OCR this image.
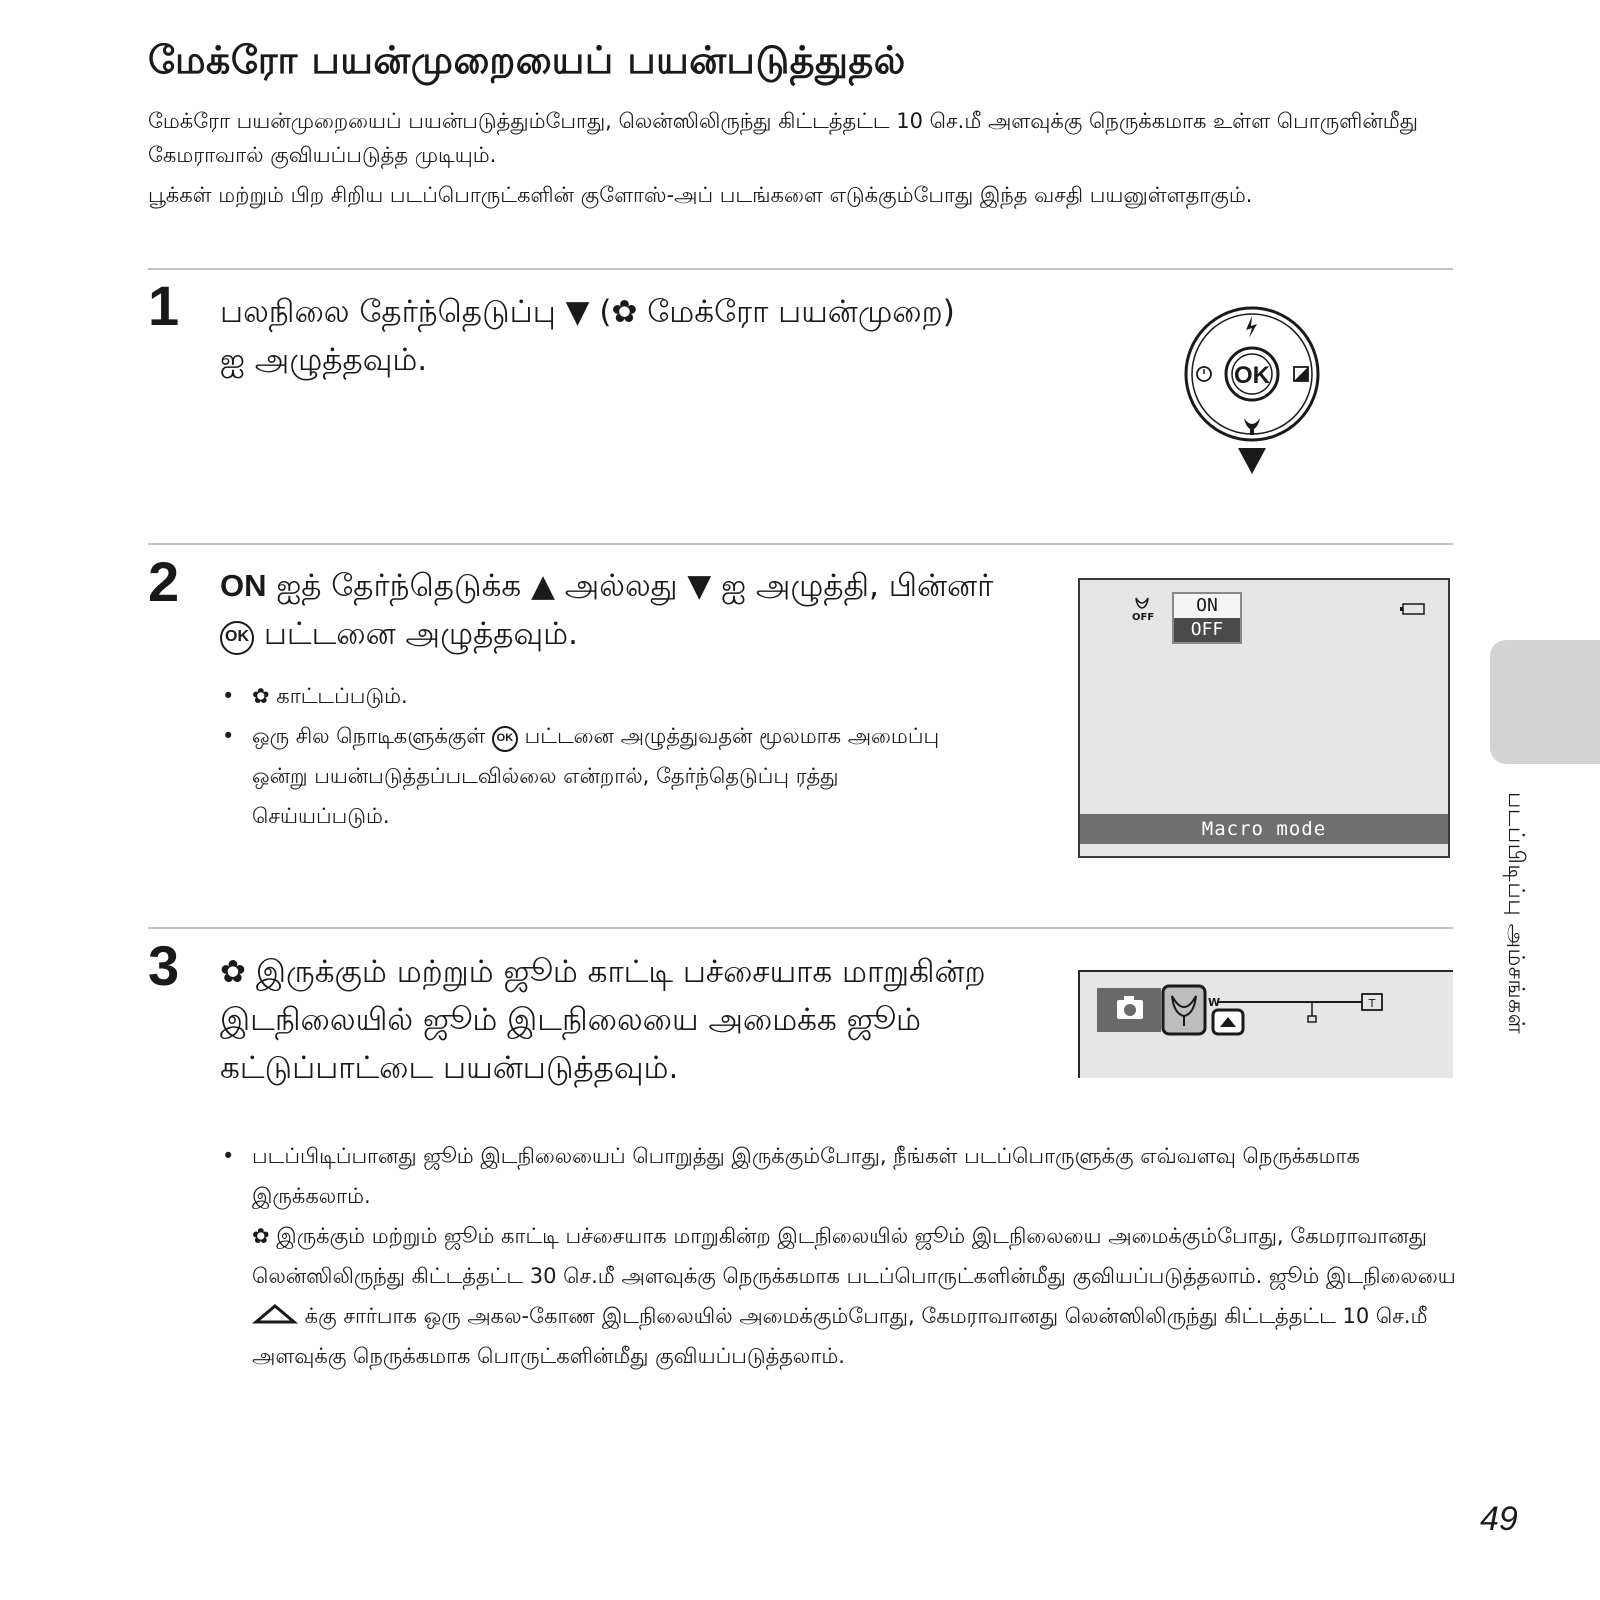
மேக்ரோ பயன்முறையைப் பயன்படுத்துதல்

மேக்ரோ பயன்முறையைப் பயன்படுத்தும்போது, லென்ஸிலிருந்து கிட்டத்தட்ட 10 செ.மீ அளவுக்கு நெருக்கமாக உள்ள பொருளின்மீது கேமராவால் குவியப்படுத்த முடியும்.

பூக்கள் மற்றும் பிற சிறிய படப்பொருட்களின் குளோஸ்-அப் படங்களை எடுக்கும்போது இந்த வசதி பயனுள்ளதாகும்.

1 பலநிலை தேர்ந்தெடுப்பு ▼ (✿ மேக்ரோ பயன்முறை) ஐ அழுத்தவும்.	OK
2 ON ஐத் தேர்ந்தெடுக்க ▲ அல்லது ▼ ஐ அழுத்தி, பின்னர் OK பட்டனை அழுத்தவும்.
• ✿ காட்டப்படும்.
• ஒரு சில நொடிகளுக்குள் OK பட்டனை அழுத்துவதன் மூலமாக அமைப்பு ஒன்று பயன்படுத்தப்படவில்லை என்றால், தேர்ந்தெடுப்பு ரத்து செய்யப்படும்.
OFF
ON
OFF
Macro mode
3 ✿ இருக்கும் மற்றும் ஜூம் காட்டி பச்சையாக மாறுகின்ற இடநிலையில் ஜூம் இடநிலையை அமைக்க ஜூம் கட்டுப்பாட்டை பயன்படுத்தவும்.
W	T
• படப்பிடிப்பானது ஜூம் இடநிலையைப் பொறுத்து இருக்கும்போது, நீங்கள் படப்பொருளுக்கு எவ்வளவு நெருக்கமாக இருக்கலாம்.
✿ இருக்கும் மற்றும் ஜூம் காட்டி பச்சையாக மாறுகின்ற இடநிலையில் ஜூம் இடநிலையை அமைக்கும்போது, கேமராவானது லென்ஸிலிருந்து கிட்டத்தட்ட 30 செ.மீ அளவுக்கு நெருக்கமாக படப்பொருட்களின்மீது குவியப்படுத்தலாம். ஜூம் இடநிலையை  க்கு சார்பாக ஒரு அகல-கோண இடநிலையில் அமைக்கும்போது, கேமராவானது லென்ஸிலிருந்து கிட்டத்தட்ட 10 செ.மீ அளவுக்கு நெருக்கமாக பொருட்களின்மீது குவியப்படுத்தலாம்.
படப்பிடிப்பு அம்சங்கள்
49
